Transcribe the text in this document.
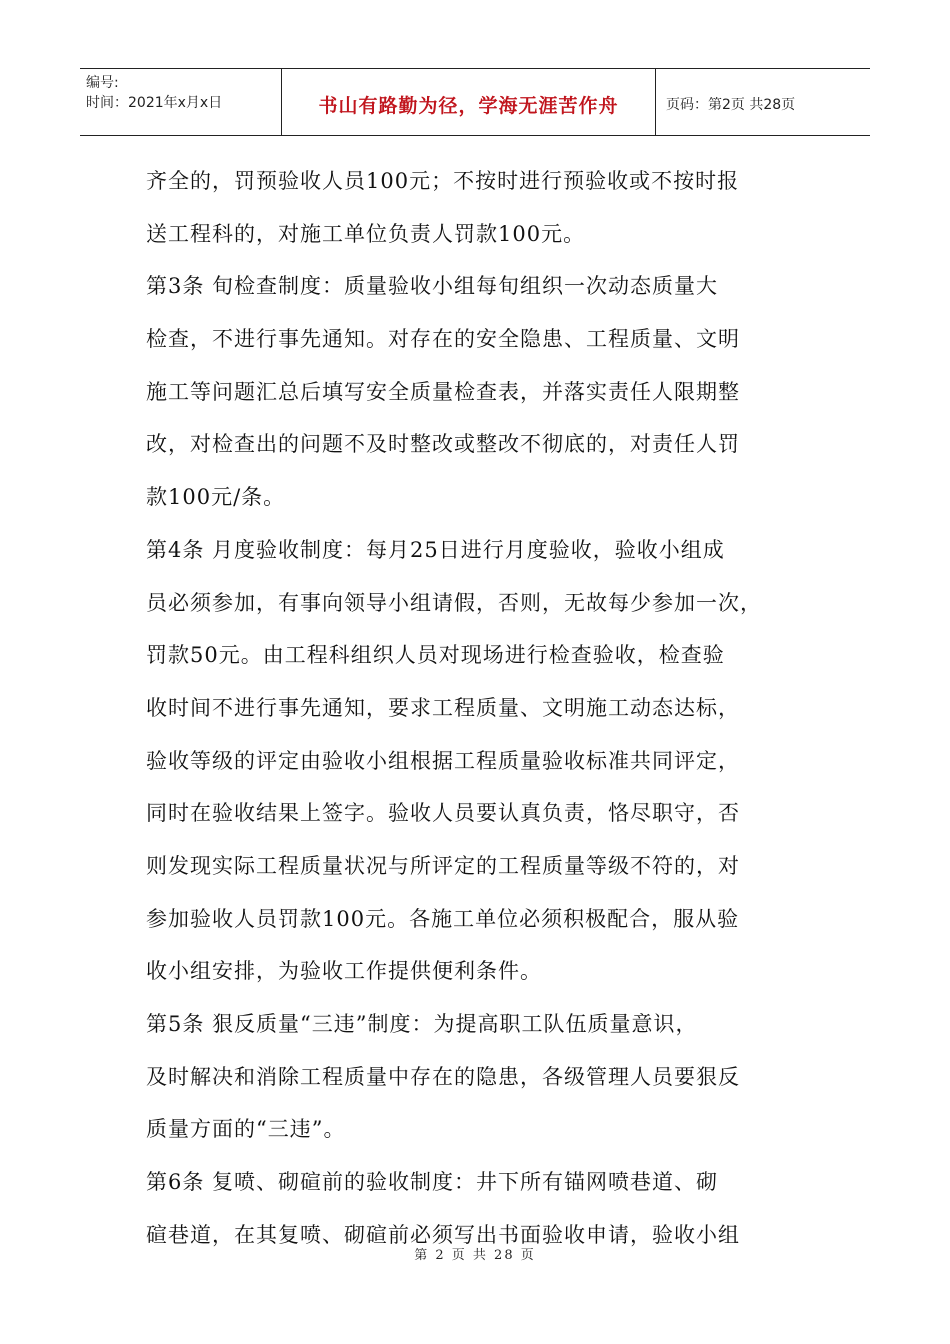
编号:
时间：2021年x月x日	书山有路勤为径，学海无涯苦作舟	页码：第2页 共28页
齐全的，罚预验收人员100元；不按时进行预验收或不按时报
送工程科的，对施工单位负责人罚款100元。
第3条 旬检查制度：质量验收小组每旬组织一次动态质量大
检查，不进行事先通知。对存在的安全隐患、工程质量、文明
施工等问题汇总后填写安全质量检查表，并落实责任人限期整
改，对检查出的问题不及时整改或整改不彻底的，对责任人罚
款100元/条。
第4条 月度验收制度：每月25日进行月度验收，验收小组成
员必须参加，有事向领导小组请假，否则，无故每少参加一次，
罚款50元。由工程科组织人员对现场进行检查验收，检查验
收时间不进行事先通知，要求工程质量、文明施工动态达标，
验收等级的评定由验收小组根据工程质量验收标准共同评定，
同时在验收结果上签字。验收人员要认真负责，恪尽职守，否
则发现实际工程质量状况与所评定的工程质量等级不符的，对
参加验收人员罚款100元。各施工单位必须积极配合，服从验
收小组安排，为验收工作提供便利条件。
第5条 狠反质量“三违”制度：为提高职工队伍质量意识，
及时解决和消除工程质量中存在的隐患，各级管理人员要狠反
质量方面的“三违”。
第6条 复喷、砌碹前的验收制度：井下所有锚网喷巷道、砌
碹巷道，在其复喷、砌碹前必须写出书面验收申请，验收小组
第 2 页 共 28 页
